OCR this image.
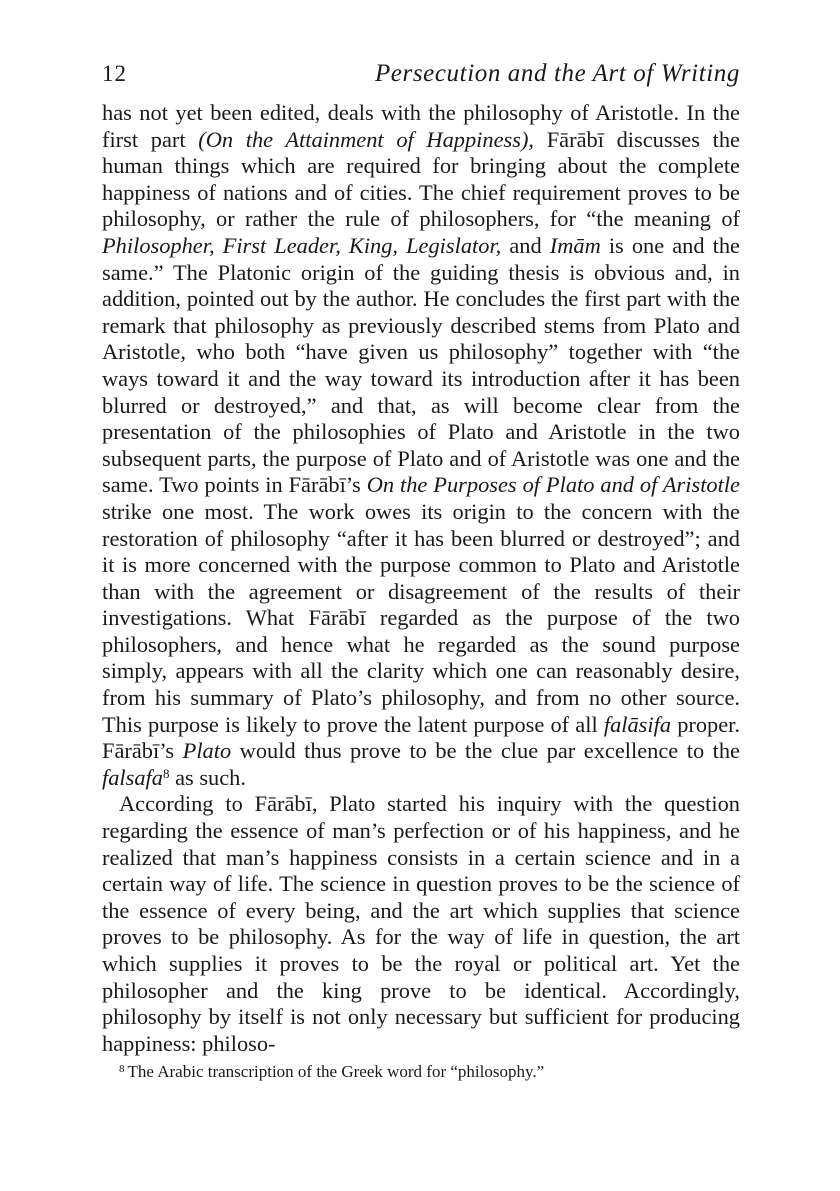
12	Persecution and the Art of Writing

has not yet been edited, deals with the philosophy of Aristotle. In the first part (On the Attainment of Happiness), Fārābī discusses the human things which are required for bringing about the complete happiness of nations and of cities. The chief requirement proves to be philosophy, or rather the rule of philosophers, for “the meaning of Philosopher, First Leader, King, Legislator, and Imām is one and the same.” The Platonic origin of the guiding thesis is obvious and, in addition, pointed out by the author. He concludes the first part with the remark that philosophy as previously described stems from Plato and Aristotle, who both “have given us philosophy” together with “the ways toward it and the way toward its introduction after it has been blurred or destroyed,” and that, as will become clear from the presentation of the philosophies of Plato and Aristotle in the two subsequent parts, the purpose of Plato and of Aristotle was one and the same. Two points in Fārābī’s On the Purposes of Plato and of Aristotle strike one most. The work owes its origin to the concern with the restoration of philosophy “after it has been blurred or destroyed”; and it is more concerned with the purpose common to Plato and Aristotle than with the agreement or disagreement of the results of their investigations. What Fārābī regarded as the purpose of the two philosophers, and hence what he regarded as the sound purpose simply, appears with all the clarity which one can reasonably desire, from his summary of Plato’s philosophy, and from no other source. This purpose is likely to prove the latent purpose of all falāsifa proper. Fārābī’s Plato would thus prove to be the clue par excellence to the falsafa$^8$ as such.

According to Fārābī, Plato started his inquiry with the question regarding the essence of man’s perfection or of his happiness, and he realized that man’s happiness consists in a certain science and in a certain way of life. The science in question proves to be the science of the essence of every being, and the art which supplies that science proves to be philosophy. As for the way of life in question, the art which supplies it proves to be the royal or political art. Yet the philosopher and the king prove to be identical. Accordingly, philosophy by itself is not only necessary but sufficient for producing happiness: philoso-

$^8$ The Arabic transcription of the Greek word for “philosophy.”
